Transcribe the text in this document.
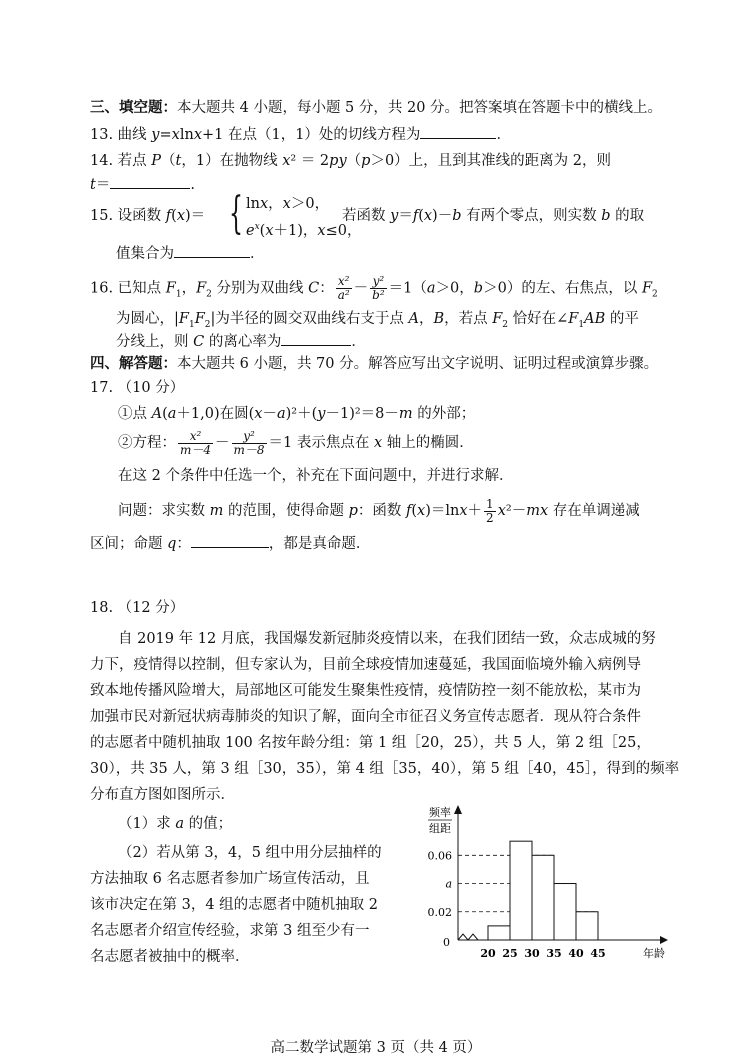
三、填空题：本大题共 4 小题，每小题 5 分，共 20 分。把答案填在答题卡中的横线上。
13. 曲线 y=xlnx+1 在点（1，1）处的切线方程为	．
14. 若点 P（t，1）在抛物线 x² ＝ 2py（p＞0）上，且到其准线的距离为 2，则
t＝	.
15. 设函数 f(x)＝ { lnx，x＞0，
$e^x(x+1)$，x≤0，
若函数 y＝f(x)－b 有两个零点，则实数 b 的取
值集合为	．
16. 已知点 $F_1$，$F_2$ 分别为双曲线 C： $\frac{\text{x²}}{\text{a²}} - \frac{\text{y²}}{\text{b²}} =1(a>0$，b＞0）的左、右焦点，以 $F_2$
为圆心，$|F_1F_2|$为半径的圆交双曲线右支于点 A，B，若点 $F_2$ 恰好在$\angle F_1AB$ 的平
分线上，则 C 的离心率为	．
四、解答题：本大题共 6 小题，共 70 分。解答应写出文字说明、证明过程或演算步骤。
17. （10 分）
①点 A(a＋1,0)在圆(x－a)²＋(y－1)²＝8－m 的外部；
②方程： $\frac{\text{x²}}{m-4} - \frac{\text{y²}}{m-8} =1$ 表示焦点在 x 轴上的椭圆．
在这 2 个条件中任选一个，补充在下面问题中，并进行求解．
问题：求实数 m 的范围，使得命题 p：函数 $f(x)=\ln x+ \frac{1}{2} x^2-mx$ 存在单调递减
区间；命题 q：	，都是真命题．
18. （12 分）
自 2019 年 12 月底，我国爆发新冠肺炎疫情以来，在我们团结一致，众志成城的努
力下，疫情得以控制，但专家认为，目前全球疫情加速蔓延，我国面临境外输入病例导
致本地传播风险增大，局部地区可能发生聚集性疫情，疫情防控一刻不能放松，某市为
加强市民对新冠状病毒肺炎的知识了解，面向全市征召义务宣传志愿者．现从符合条件
的志愿者中随机抽取 100 名按年龄分组：第 1 组［20，25），共 5 人，第 2 组［25，
30），共 35 人，第 3 组［30，35），第 4 组［35，40），第 5 组［40，45］，得到的频率
分布直方图如图所示．
（1）求 a 的值；
（2）若从第 3，4，5 组中用分层抽样的
方法抽取 6 名志愿者参加广场宣传活动，且
该市决定在第 3，4 组的志愿者中随机抽取 2
名志愿者介绍宣传经验，求第 3 组至少有一
名志愿者被抽中的概率．
0.02
a
0.06
20 25 30 35 40 45
0
年龄
频率
组距
高二数学试题第 3 页（共 4 页）
